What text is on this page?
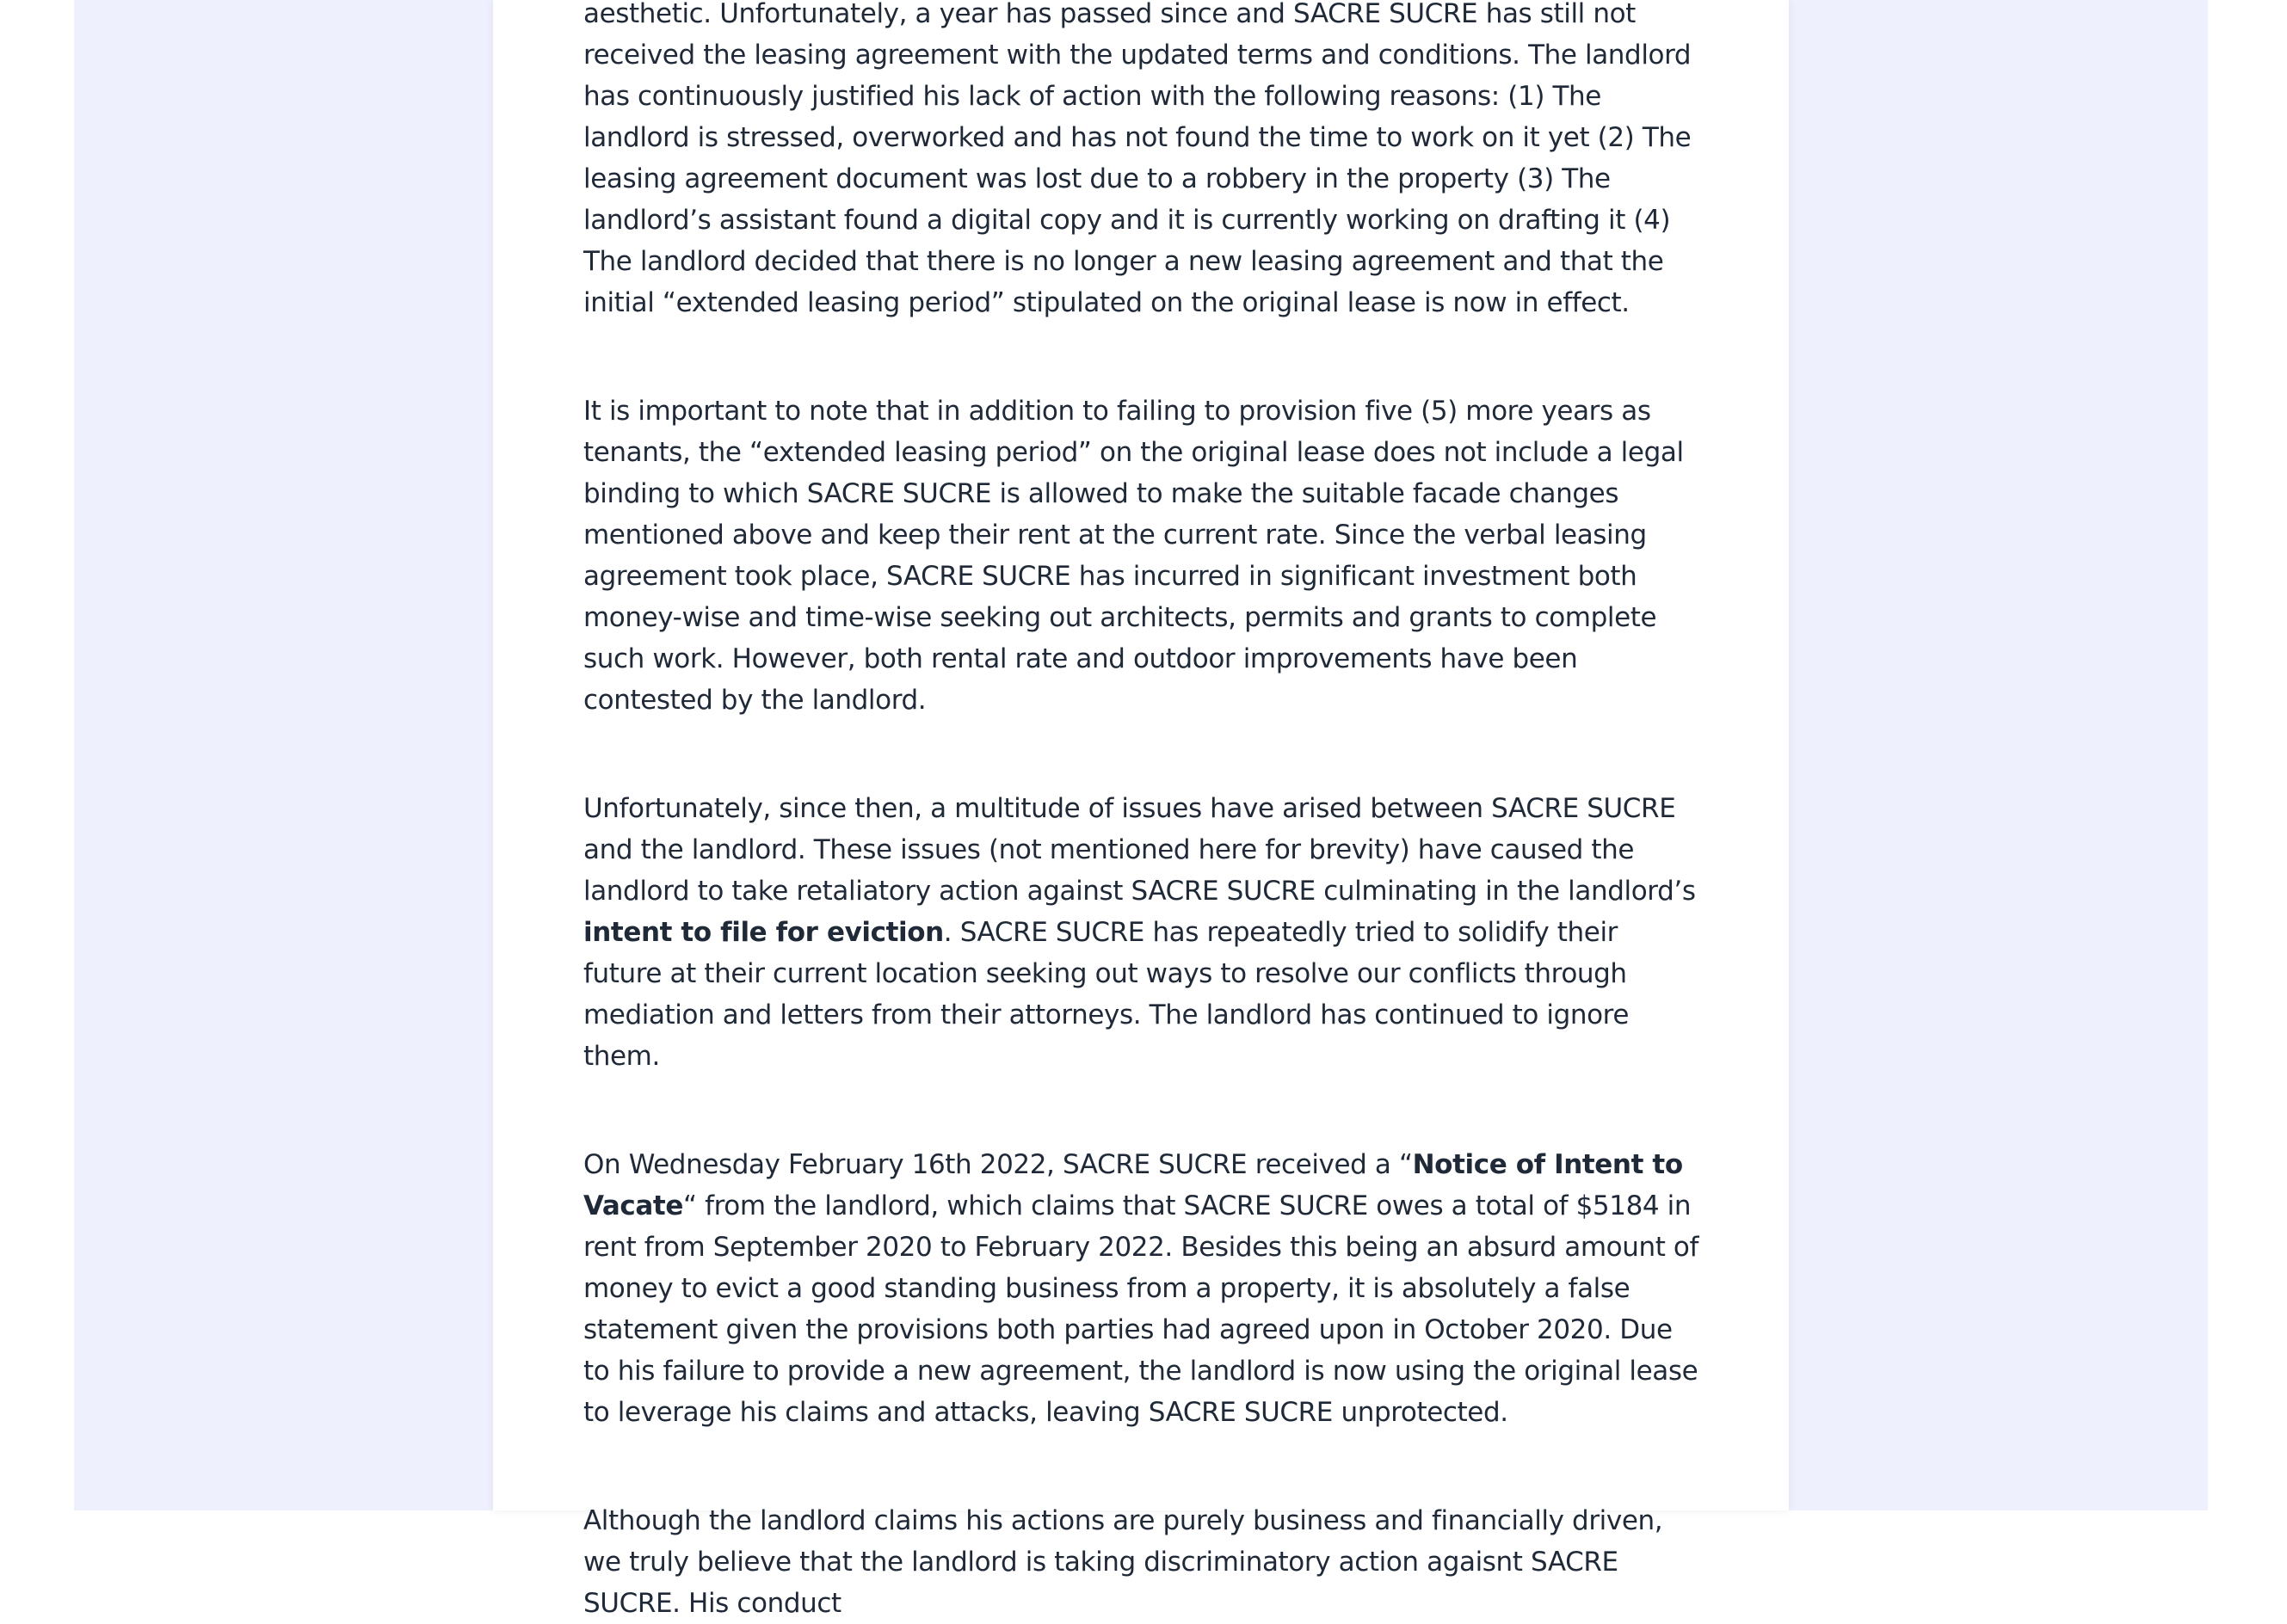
aesthetic. Unfortunately, a year has passed since and SACRE SUCRE has still not received the leasing agreement with the updated terms and conditions. The landlord has continuously justified his lack of action with the following reasons: (1) The landlord is stressed, overworked and has not found the time to work on it yet (2) The leasing agreement document was lost due to a robbery in the property (3) The landlord’s assistant found a digital copy and it is currently working on drafting it (4) The landlord decided that there is no longer a new leasing agreement and that the initial “extended leasing period” stipulated on the original lease is now in effect.

It is important to note that in addition to failing to provision five (5) more years as tenants, the “extended leasing period” on the original lease does not include a legal binding to which SACRE SUCRE is allowed to make the suitable facade changes mentioned above and keep their rent at the current rate. Since the verbal leasing agreement took place, SACRE SUCRE has incurred in significant investment both money-wise and time-wise seeking out architects, permits and grants to complete such work. However, both rental rate and outdoor improvements have been contested by the landlord.

Unfortunately, since then, a multitude of issues have arised between SACRE SUCRE and the landlord. These issues (not mentioned here for brevity) have caused the landlord to take retaliatory action against SACRE SUCRE culminating in the landlord’s intent to file for eviction. SACRE SUCRE has repeatedly tried to solidify their future at their current location seeking out ways to resolve our conflicts through mediation and letters from their attorneys. The landlord has continued to ignore them.

On Wednesday February 16th 2022, SACRE SUCRE received a “Notice of Intent to Vacate“ from the landlord, which claims that SACRE SUCRE owes a total of $5184 in rent from September 2020 to February 2022. Besides this being an absurd amount of money to evict a good standing business from a property, it is absolutely a false statement given the provisions both parties had agreed upon in October 2020. Due to his failure to provide a new agreement, the landlord is now using the original lease to leverage his claims and attacks, leaving SACRE SUCRE unprotected.

Although the landlord claims his actions are purely business and financially driven, we truly believe that the landlord is taking discriminatory action agaisnt SACRE SUCRE. His conduct
